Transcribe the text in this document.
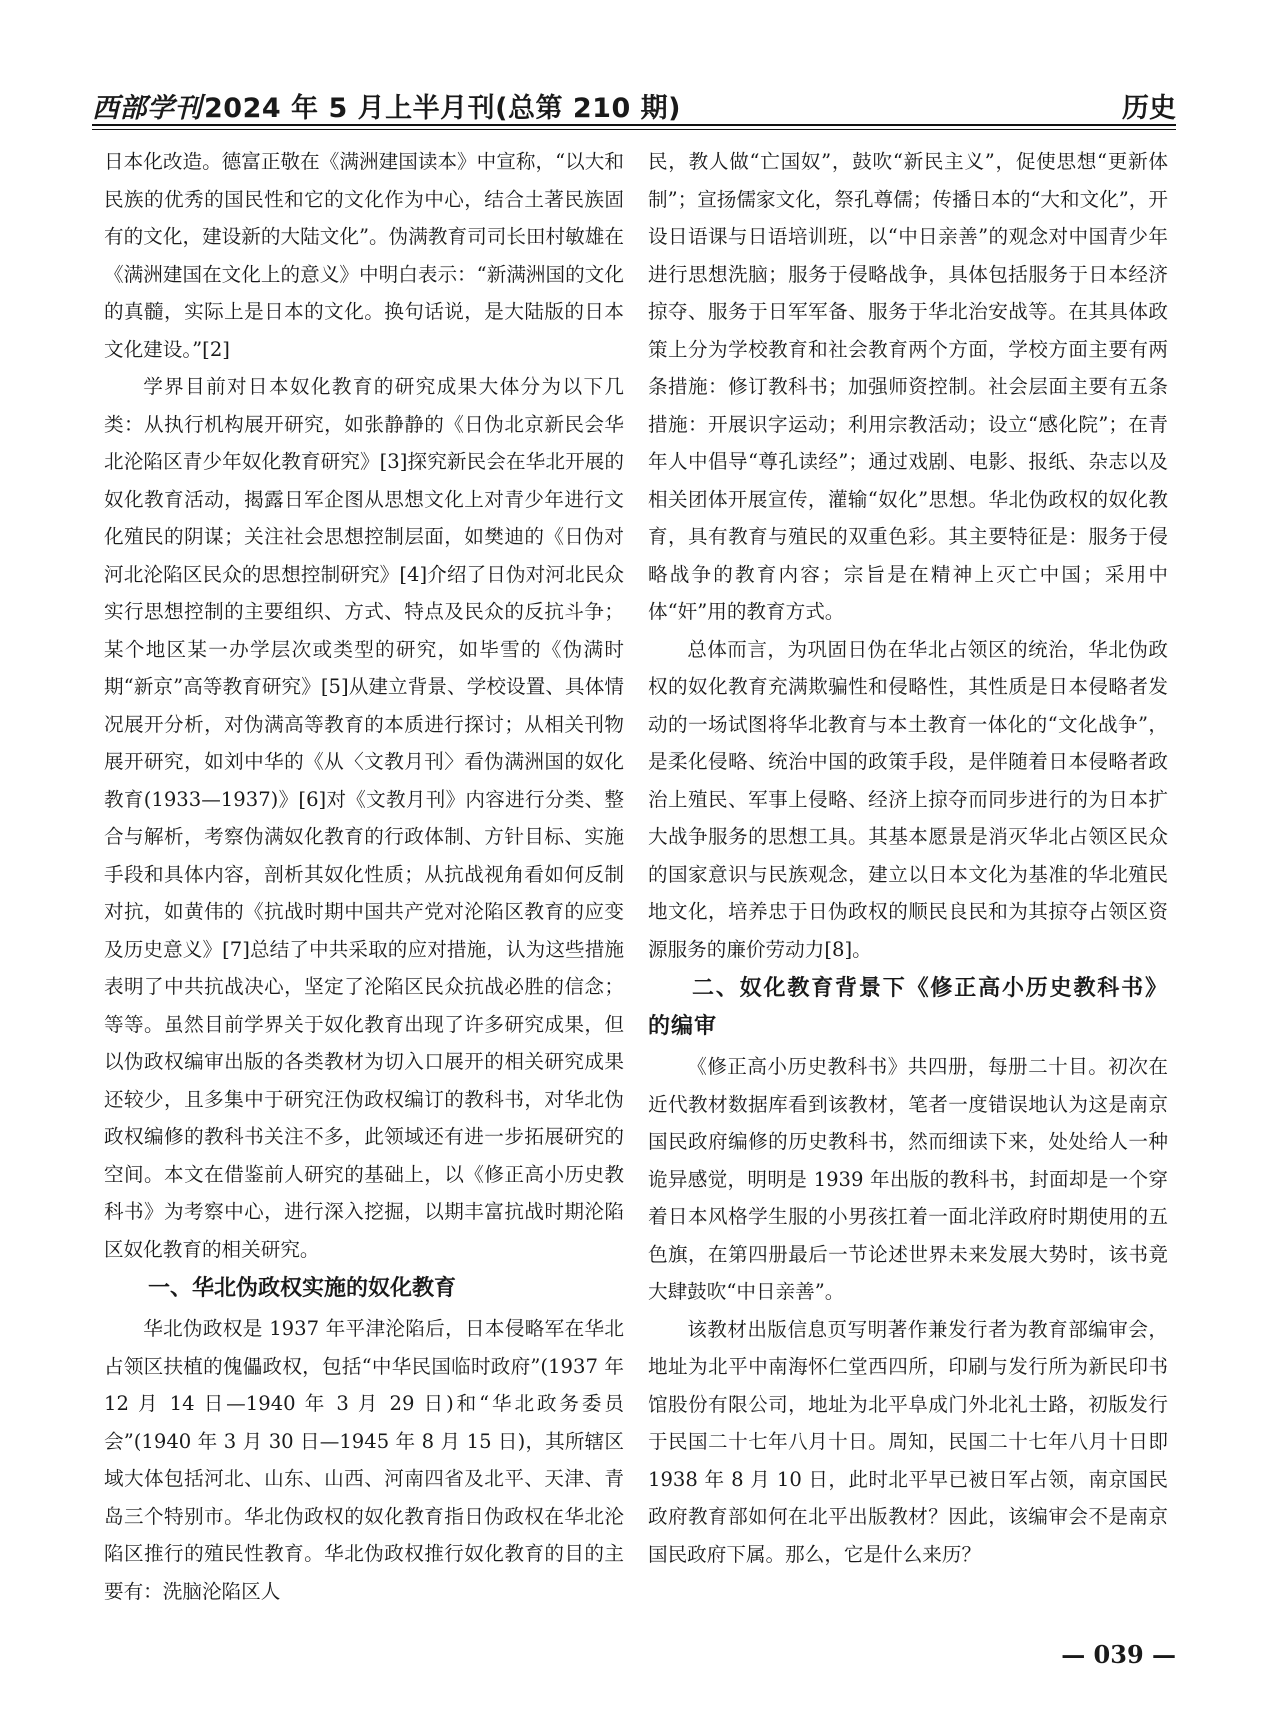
西部学刊2024 年 5 月上半月刊(总第 210 期)	历史

日本化改造。德富正敬在《满洲建国读本》中宣称，“以大和民族的优秀的国民性和它的文化作为中心，结合土著民族固有的文化，建设新的大陆文化”。伪满教育司司长田村敏雄在《满洲建国在文化上的意义》中明白表示：“新满洲国的文化的真髓，实际上是日本的文化。换句话说，是大陆版的日本文化建设。”[2]

学界目前对日本奴化教育的研究成果大体分为以下几类：从执行机构展开研究，如张静静的《日伪北京新民会华北沦陷区青少年奴化教育研究》[3]探究新民会在华北开展的奴化教育活动，揭露日军企图从思想文化上对青少年进行文化殖民的阴谋；关注社会思想控制层面，如樊迪的《日伪对河北沦陷区民众的思想控制研究》[4]介绍了日伪对河北民众实行思想控制的主要组织、方式、特点及民众的反抗斗争；某个地区某一办学层次或类型的研究，如毕雪的《伪满时期“新京”高等教育研究》[5]从建立背景、学校设置、具体情况展开分析，对伪满高等教育的本质进行探讨；从相关刊物展开研究，如刘中华的《从〈文教月刊〉看伪满洲国的奴化教育(1933—1937)》[6]对《文教月刊》内容进行分类、整合与解析，考察伪满奴化教育的行政体制、方针目标、实施手段和具体内容，剖析其奴化性质；从抗战视角看如何反制对抗，如黄伟的《抗战时期中国共产党对沦陷区教育的应变及历史意义》[7]总结了中共采取的应对措施，认为这些措施表明了中共抗战决心，坚定了沦陷区民众抗战必胜的信念；等等。虽然目前学界关于奴化教育出现了许多研究成果，但以伪政权编审出版的各类教材为切入口展开的相关研究成果还较少，且多集中于研究汪伪政权编订的教科书，对华北伪政权编修的教科书关注不多，此领域还有进一步拓展研究的空间。本文在借鉴前人研究的基础上，以《修正高小历史教科书》为考察中心，进行深入挖掘，以期丰富抗战时期沦陷区奴化教育的相关研究。

一、华北伪政权实施的奴化教育

华北伪政权是 1937 年平津沦陷后，日本侵略军在华北占领区扶植的傀儡政权，包括“中华民国临时政府”(1937 年 12 月 14 日—1940 年 3 月 29 日)和“华北政务委员会”(1940 年 3 月 30 日—1945 年 8 月 15 日)，其所辖区域大体包括河北、山东、山西、河南四省及北平、天津、青岛三个特别市。华北伪政权的奴化教育指日伪政权在华北沦陷区推行的殖民性教育。华北伪政权推行奴化教育的目的主要有：洗脑沦陷区人

民，教人做“亡国奴”，鼓吹“新民主义”，促使思想“更新体制”；宣扬儒家文化，祭孔尊儒；传播日本的“大和文化”，开设日语课与日语培训班，以“中日亲善”的观念对中国青少年进行思想洗脑；服务于侵略战争，具体包括服务于日本经济掠夺、服务于日军军备、服务于华北治安战等。在其具体政策上分为学校教育和社会教育两个方面，学校方面主要有两条措施：修订教科书；加强师资控制。社会层面主要有五条措施：开展识字运动；利用宗教活动；设立“感化院”；在青年人中倡导“尊孔读经”；通过戏剧、电影、报纸、杂志以及相关团体开展宣传，灌输“奴化”思想。华北伪政权的奴化教育，具有教育与殖民的双重色彩。其主要特征是：服务于侵略战争的教育内容；宗旨是在精神上灭亡中国；采用中体“奸”用的教育方式。

总体而言，为巩固日伪在华北占领区的统治，华北伪政权的奴化教育充满欺骗性和侵略性，其性质是日本侵略者发动的一场试图将华北教育与本土教育一体化的“文化战争”，是柔化侵略、统治中国的政策手段，是伴随着日本侵略者政治上殖民、军事上侵略、经济上掠夺而同步进行的为日本扩大战争服务的思想工具。其基本愿景是消灭华北占领区民众的国家意识与民族观念，建立以日本文化为基准的华北殖民地文化，培养忠于日伪政权的顺民良民和为其掠夺占领区资源服务的廉价劳动力[8]。

二、奴化教育背景下《修正高小历史教科书》的编审

《修正高小历史教科书》共四册，每册二十目。初次在近代教材数据库看到该教材，笔者一度错误地认为这是南京国民政府编修的历史教科书，然而细读下来，处处给人一种诡异感觉，明明是 1939 年出版的教科书，封面却是一个穿着日本风格学生服的小男孩扛着一面北洋政府时期使用的五色旗，在第四册最后一节论述世界未来发展大势时，该书竟大肆鼓吹“中日亲善”。

该教材出版信息页写明著作兼发行者为教育部编审会，地址为北平中南海怀仁堂西四所，印刷与发行所为新民印书馆股份有限公司，地址为北平阜成门外北礼士路，初版发行于民国二十七年八月十日。周知，民国二十七年八月十日即 1938 年 8 月 10 日，此时北平早已被日军占领，南京国民政府教育部如何在北平出版教材？因此，该编审会不是南京国民政府下属。那么，它是什么来历？

— 039 —
